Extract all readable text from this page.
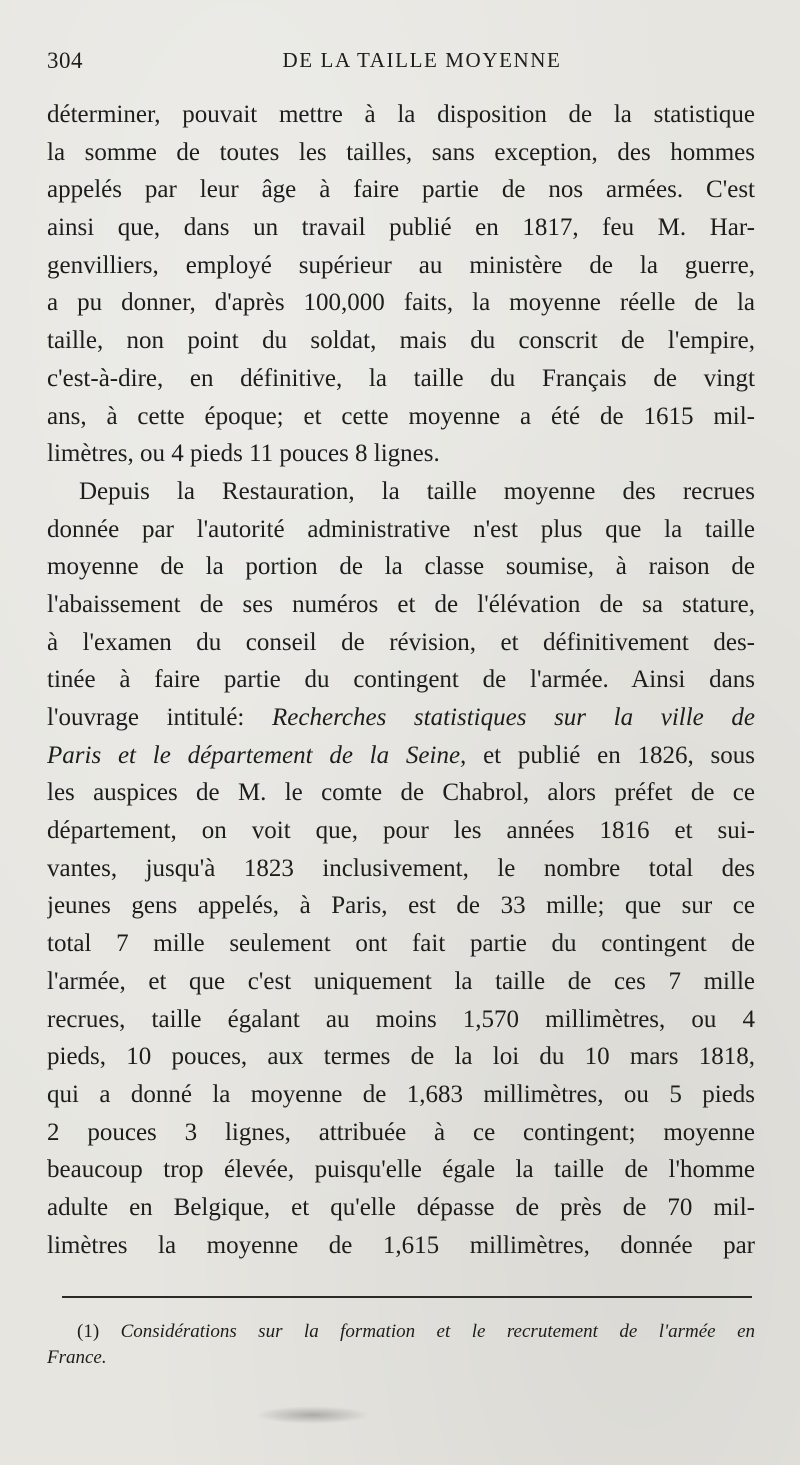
304	DE LA TAILLE MOYENNE
déterminer, pouvait mettre à la disposition de la statistique
la somme de toutes les tailles, sans exception, des hommes
appelés par leur âge à faire partie de nos armées. C'est
ainsi que, dans un travail publié en 1817, feu M. Har-
genvilliers, employé supérieur au ministère de la guerre,
a pu donner, d'après 100,000 faits, la moyenne réelle de la
taille, non point du soldat, mais du conscrit de l'empire,
c'est-à-dire, en définitive, la taille du Français de vingt
ans, à cette époque; et cette moyenne a été de 1615 mil-
limètres, ou 4 pieds 11 pouces 8 lignes.
Depuis la Restauration, la taille moyenne des recrues
donnée par l'autorité administrative n'est plus que la taille
moyenne de la portion de la classe soumise, à raison de
l'abaissement de ses numéros et de l'élévation de sa stature,
à l'examen du conseil de révision, et définitivement des-
tinée à faire partie du contingent de l'armée. Ainsi dans
l'ouvrage intitulé: Recherches statistiques sur la ville de
Paris et le département de la Seine, et publié en 1826, sous
les auspices de M. le comte de Chabrol, alors préfet de ce
département, on voit que, pour les années 1816 et sui-
vantes, jusqu'à 1823 inclusivement, le nombre total des
jeunes gens appelés, à Paris, est de 33 mille; que sur ce
total 7 mille seulement ont fait partie du contingent de
l'armée, et que c'est uniquement la taille de ces 7 mille
recrues, taille égalant au moins 1,570 millimètres, ou 4
pieds, 10 pouces, aux termes de la loi du 10 mars 1818,
qui a donné la moyenne de 1,683 millimètres, ou 5 pieds
2 pouces 3 lignes, attribuée à ce contingent; moyenne
beaucoup trop élevée, puisqu'elle égale la taille de l'homme
adulte en Belgique, et qu'elle dépasse de près de 70 mil-
limètres la moyenne de 1,615 millimètres, donnée par
(1) Considérations sur la formation et le recrutement de l'armée en
France.
